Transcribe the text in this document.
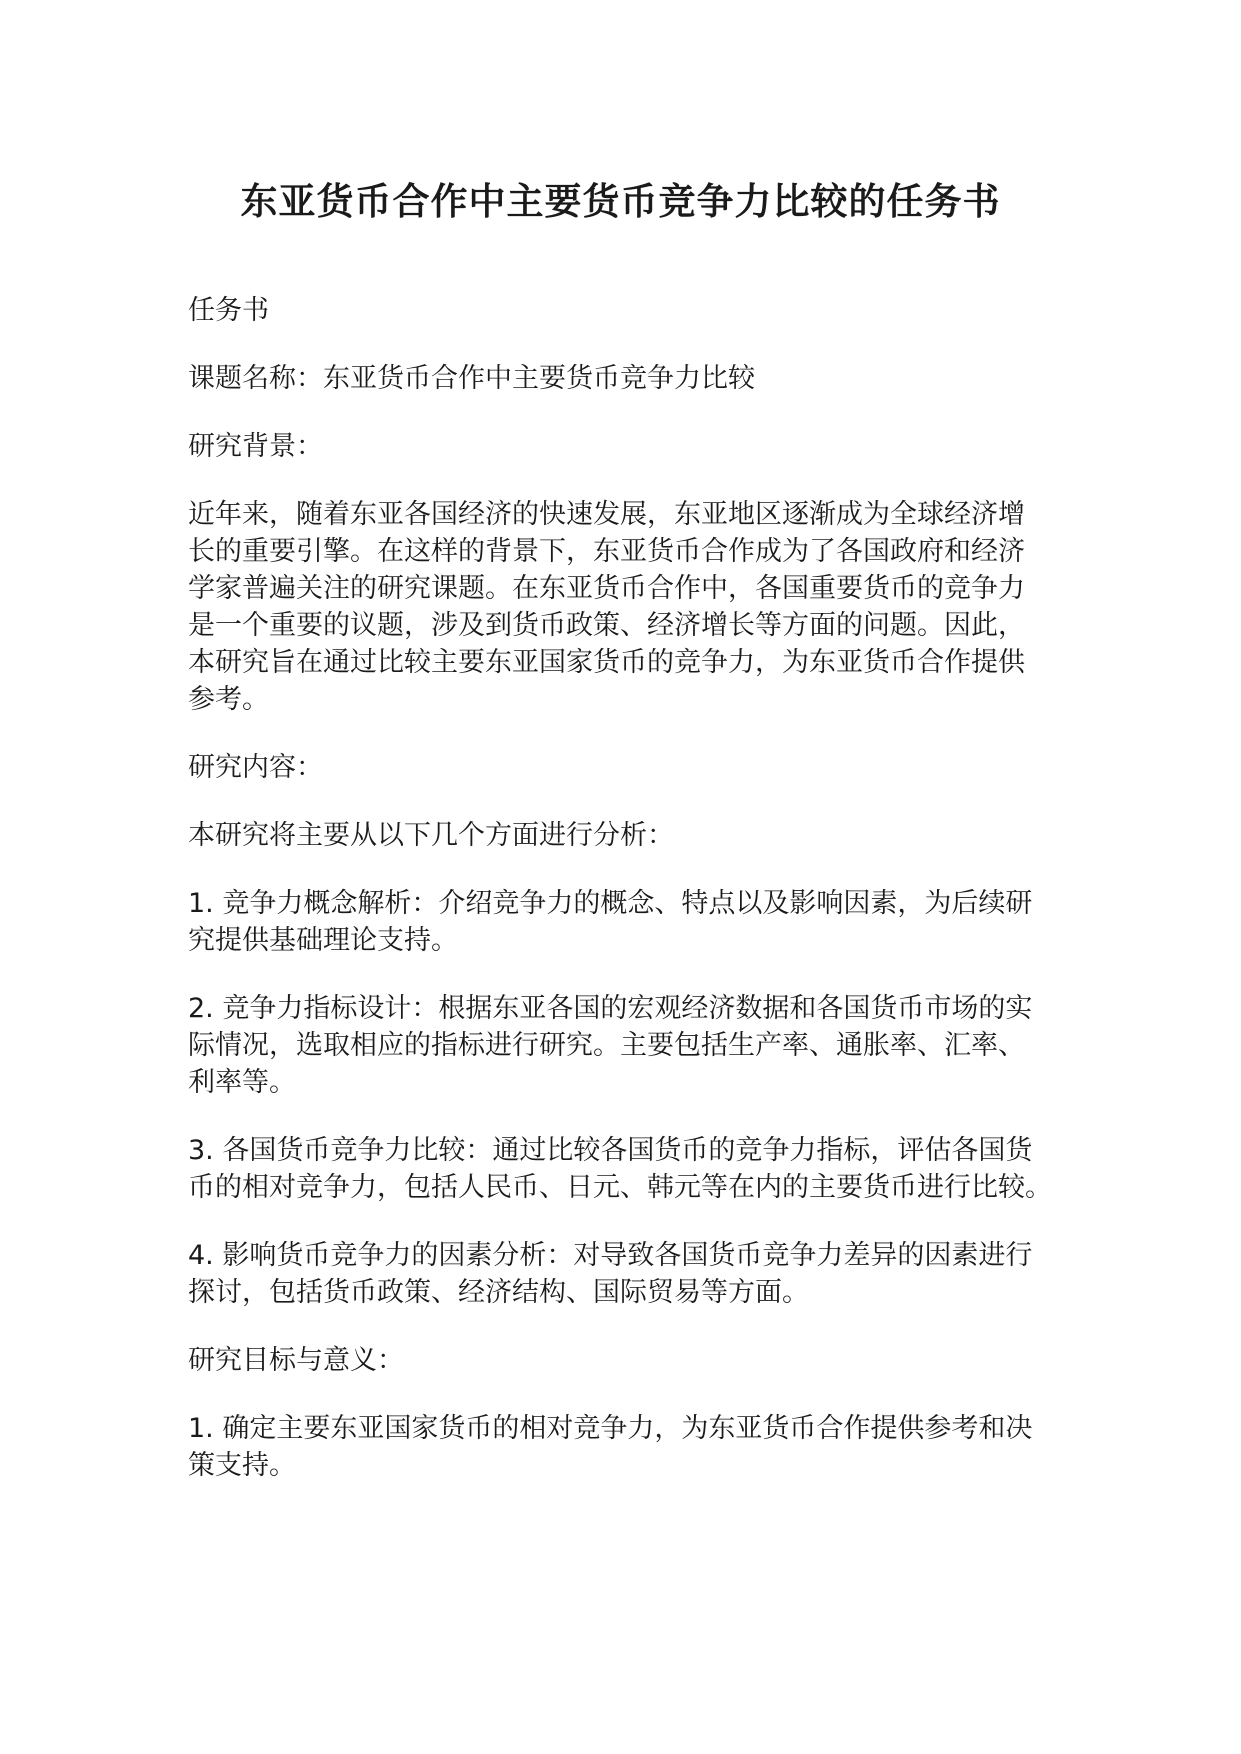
东亚货币合作中主要货币竞争力比较的任务书

任务书

课题名称：东亚货币合作中主要货币竞争力比较

研究背景：

近年来，随着东亚各国经济的快速发展，东亚地区逐渐成为全球经济增
长的重要引擎。在这样的背景下，东亚货币合作成为了各国政府和经济
学家普遍关注的研究课题。在东亚货币合作中，各国重要货币的竞争力
是一个重要的议题，涉及到货币政策、经济增长等方面的问题。因此，
本研究旨在通过比较主要东亚国家货币的竞争力，为东亚货币合作提供
参考。

研究内容：

本研究将主要从以下几个方面进行分析：

1. 竞争力概念解析：介绍竞争力的概念、特点以及影响因素，为后续研
究提供基础理论支持。

2. 竞争力指标设计：根据东亚各国的宏观经济数据和各国货币市场的实
际情况，选取相应的指标进行研究。主要包括生产率、通胀率、汇率、
利率等。

3. 各国货币竞争力比较：通过比较各国货币的竞争力指标，评估各国货
币的相对竞争力，包括人民币、日元、韩元等在内的主要货币进行比较。

4. 影响货币竞争力的因素分析：对导致各国货币竞争力差异的因素进行
探讨，包括货币政策、经济结构、国际贸易等方面。

研究目标与意义：

1. 确定主要东亚国家货币的相对竞争力，为东亚货币合作提供参考和决
策支持。
